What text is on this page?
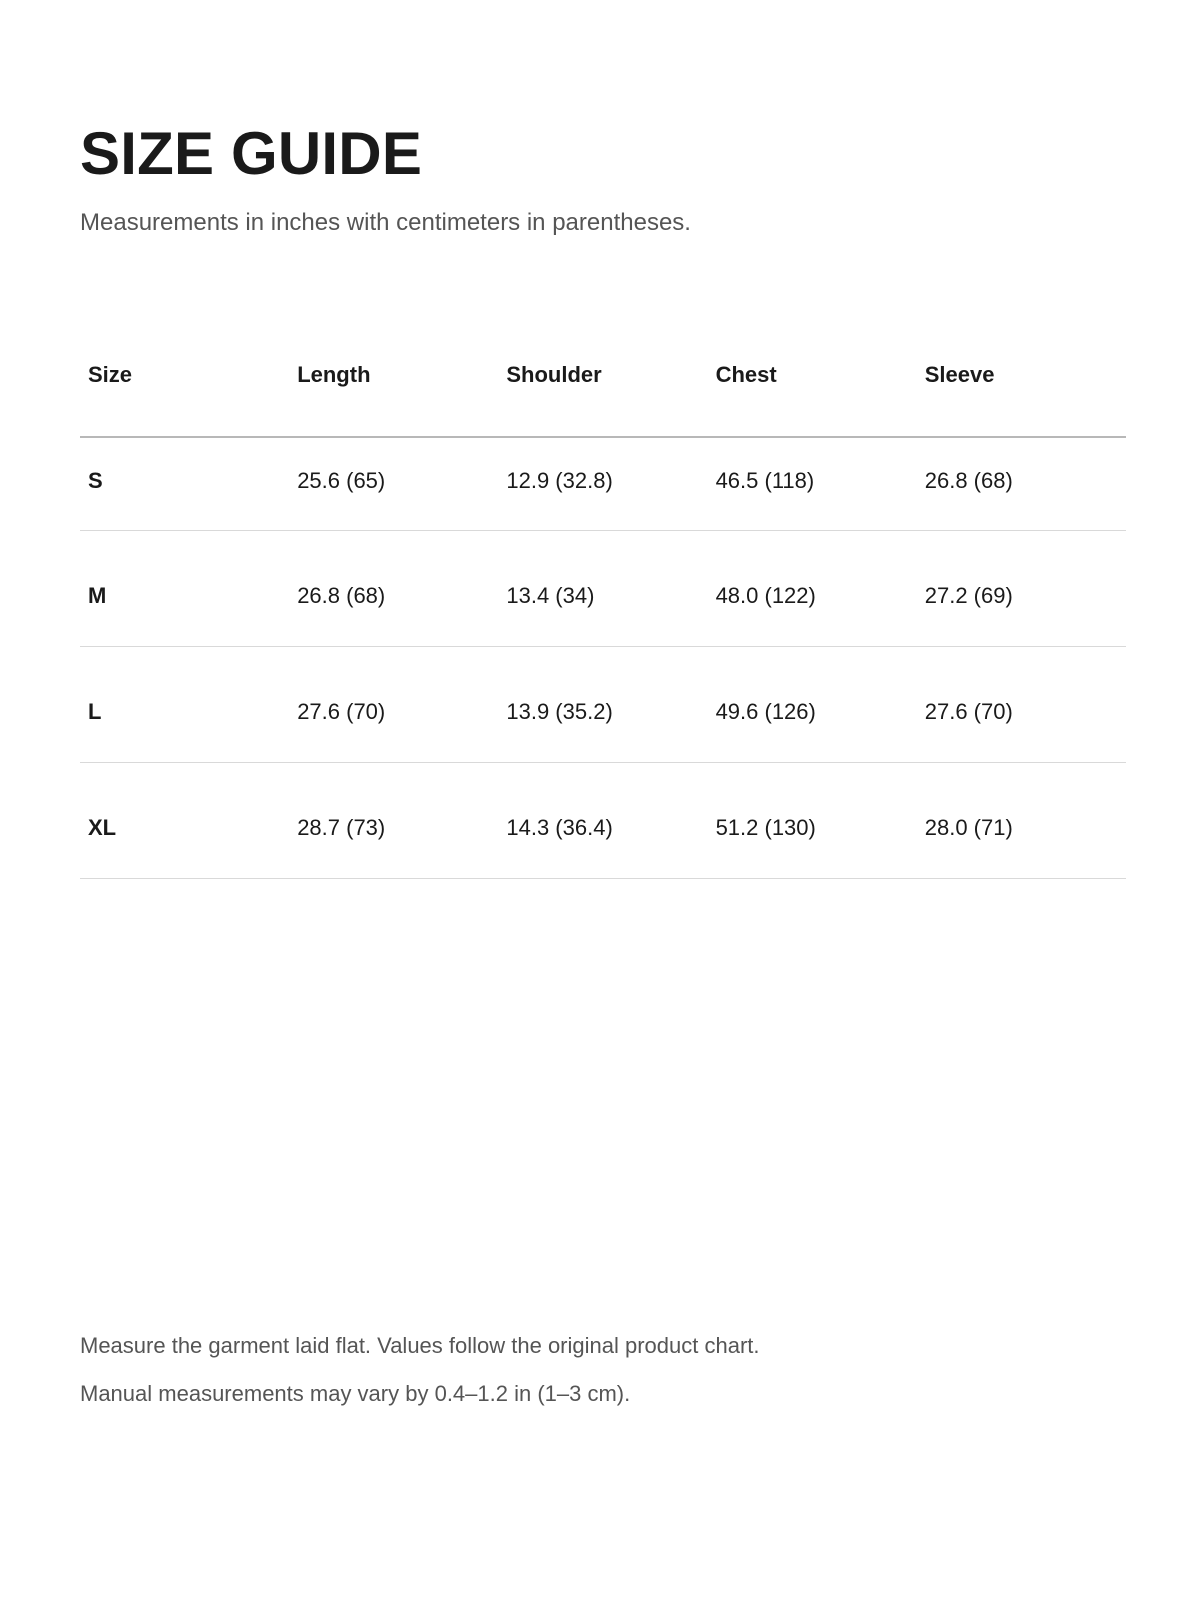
SIZE GUIDE

Measurements in inches with centimeters in parentheses.

Size	Length	Shoulder	Chest	Sleeve

S	25.6 (65)	12.9 (32.8)	46.5 (118)	26.8 (68)

M	26.8 (68)	13.4 (34)	48.0 (122)	27.2 (69)

L	27.6 (70)	13.9 (35.2)	49.6 (126)	27.6 (70)

XL	28.7 (73)	14.3 (36.4)	51.2 (130)	28.0 (71)

Measure the garment laid flat. Values follow the original product chart.

Manual measurements may vary by 0.4–1.2 in (1–3 cm).
